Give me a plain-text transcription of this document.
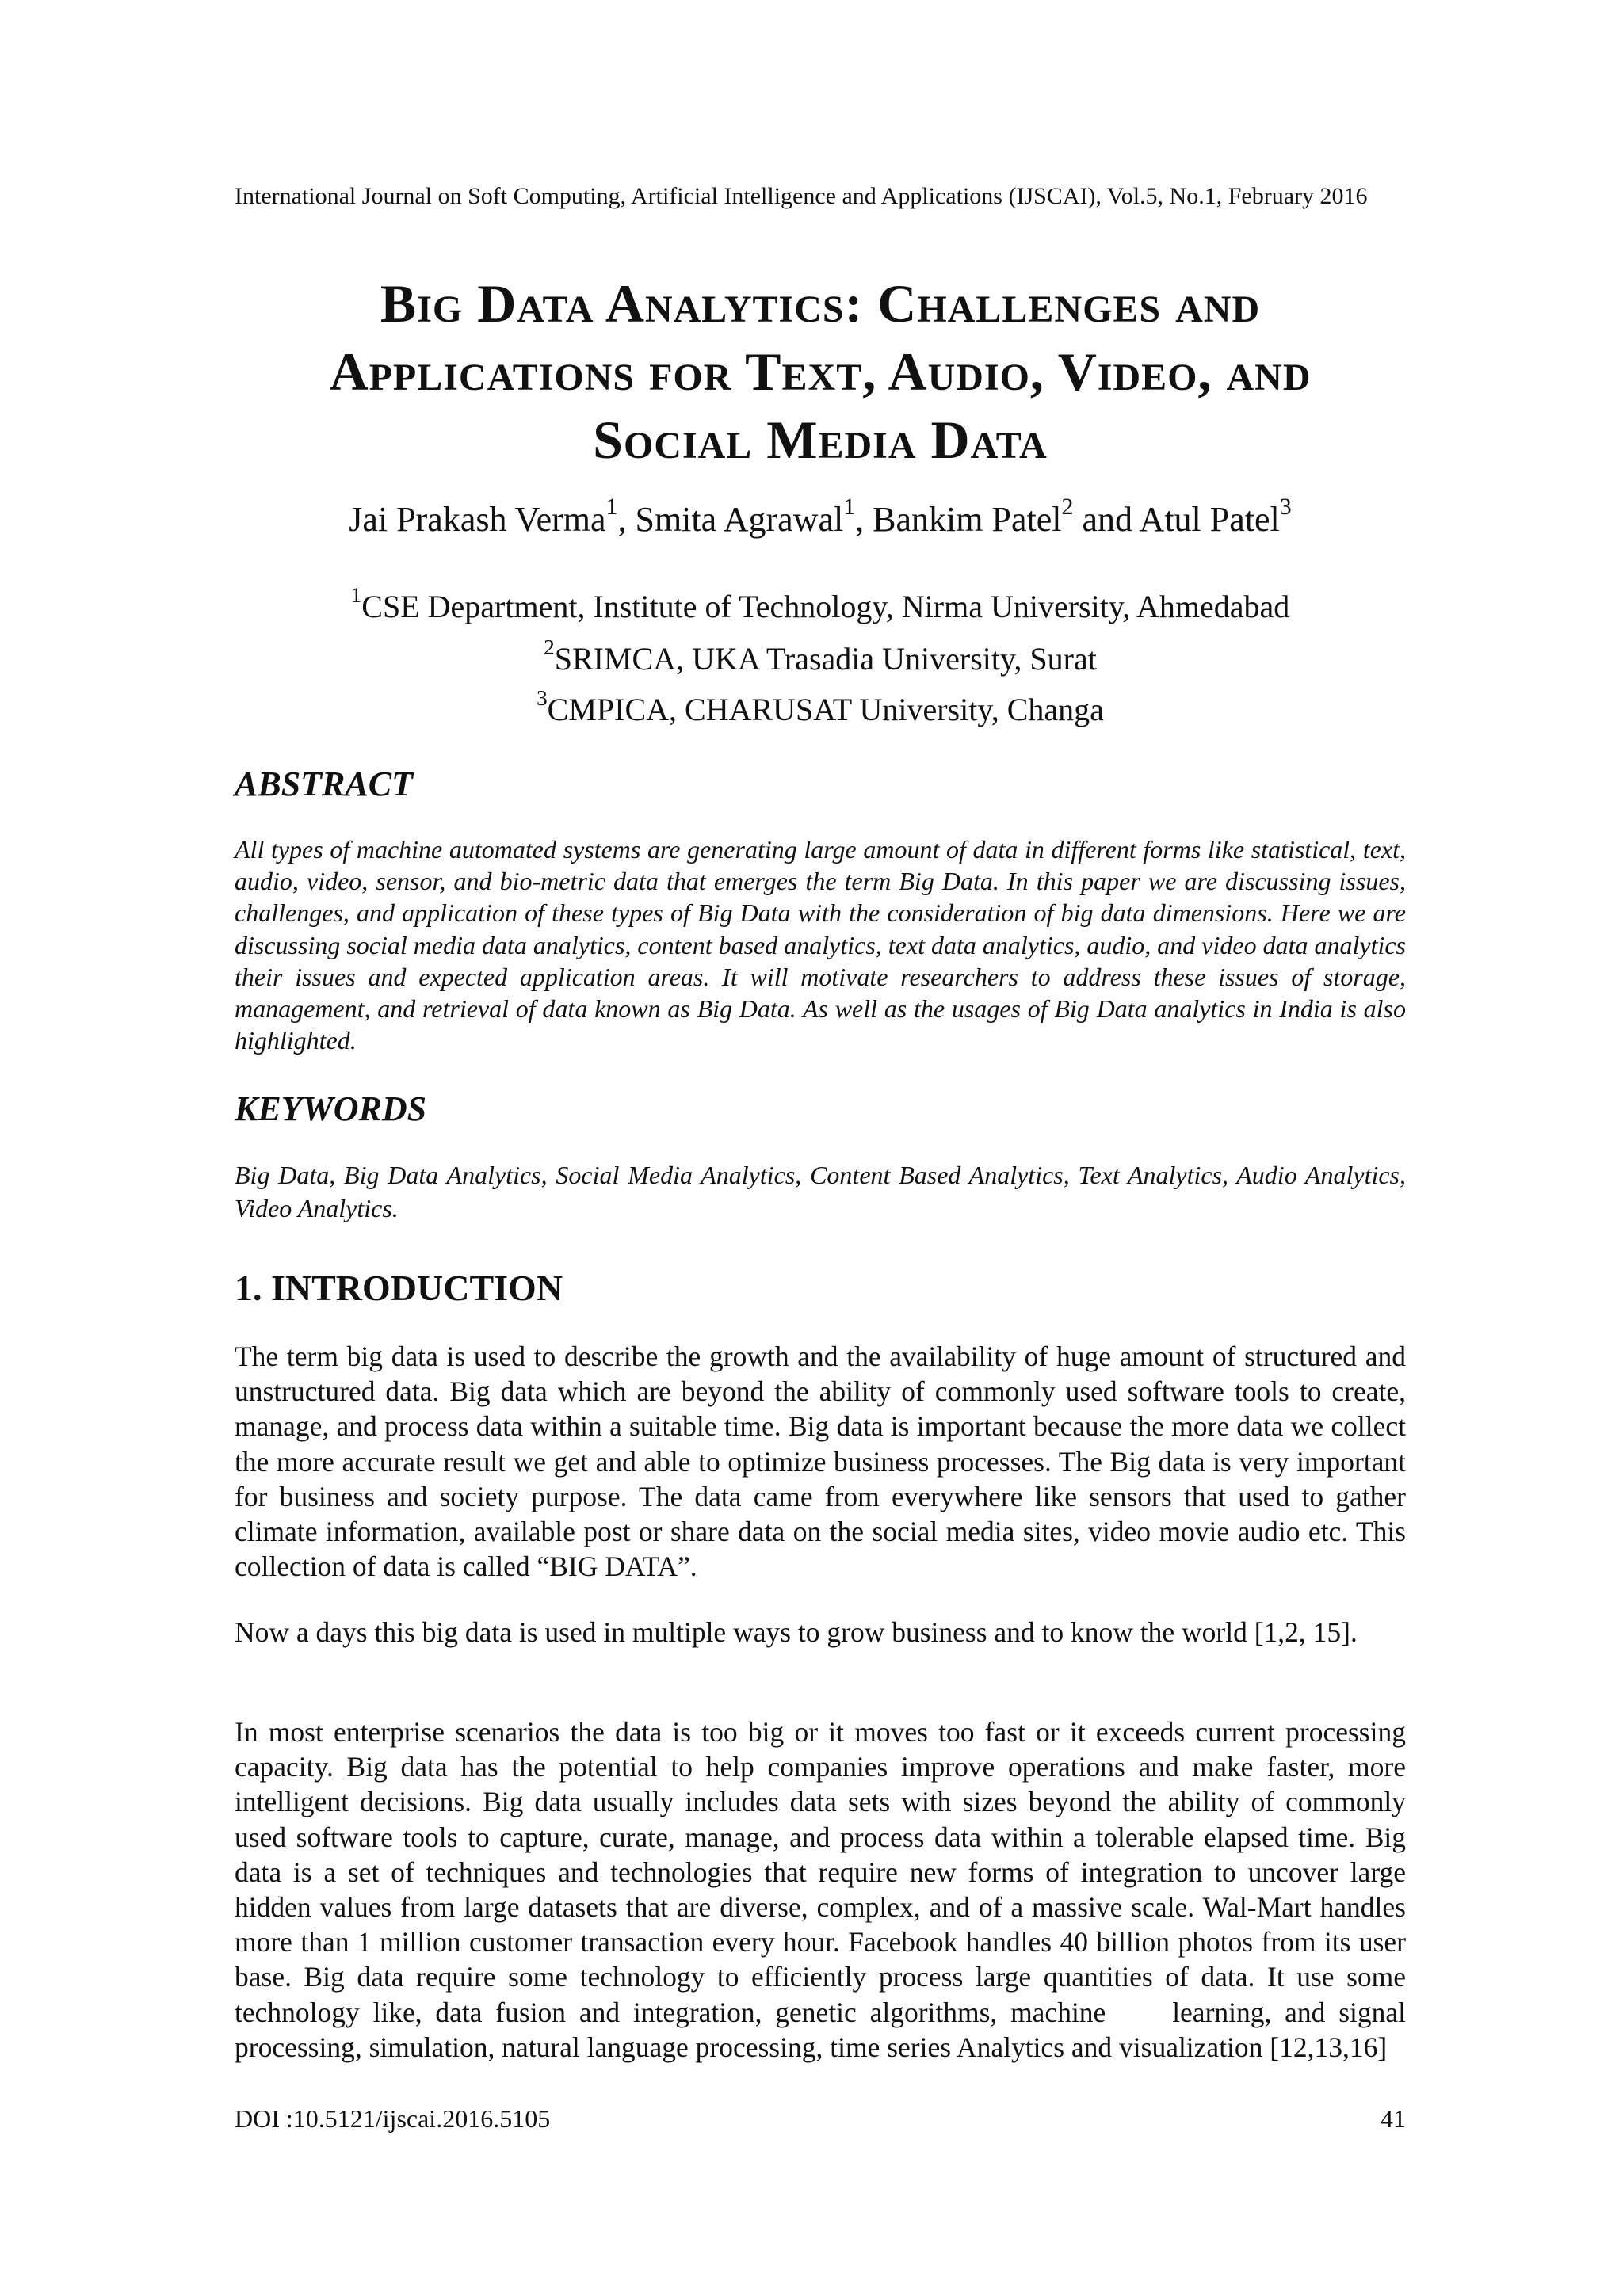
International Journal on Soft Computing, Artificial Intelligence and Applications (IJSCAI), Vol.5, No.1, February 2016
Big Data Analytics: Challenges and
Applications for Text, Audio, Video, and
Social Media Data
Jai Prakash Verma$^1$, Smita Agrawal$^1$, Bankim Patel$^2$ and Atul Patel$^3$
$^1$CSE Department, Institute of Technology, Nirma University, Ahmedabad
$^2$SRIMCA, UKA Trasadia University, Surat
$^3$CMPICA, CHARUSAT University, Changa
ABSTRACT
All types of machine automated systems are generating large amount of data in different forms like statistical, text, audio, video, sensor, and bio-metric data that emerges the term Big Data. In this paper we are discussing issues, challenges, and application of these types of Big Data with the consideration of big data dimensions. Here we are discussing social media data analytics, content based analytics, text data analytics, audio, and video data analytics their issues and expected application areas. It will motivate researchers to address these issues of storage, management, and retrieval of data known as Big Data. As well as the usages of Big Data analytics in India is also highlighted.
KEYWORDS
Big Data, Big Data Analytics, Social Media Analytics, Content Based Analytics, Text Analytics, Audio Analytics, Video Analytics.
1. INTRODUCTION
The term big data is used to describe the growth and the availability of huge amount of structured and unstructured data. Big data which are beyond the ability of commonly used software tools to create, manage, and process data within a suitable time. Big data is important because the more data we collect the more accurate result we get and able to optimize business processes. The Big data is very important for business and society purpose. The data came from everywhere like sensors that used to gather climate information, available post or share data on the social media sites, video movie audio etc. This collection of data is called “BIG DATA”.
Now a days this big data is used in multiple ways to grow business and to know the world [1,2, 15].
In most enterprise scenarios the data is too big or it moves too fast or it exceeds current processing capacity. Big data has the potential to help companies improve operations and make faster, more intelligent decisions. Big data usually includes data sets with sizes beyond the ability of commonly used software tools to capture, curate, manage, and process data within a tolerable elapsed time. Big data is a set of techniques and technologies that require new forms of integration to uncover large hidden values from large datasets that are diverse, complex, and of a massive scale. Wal-Mart handles more than 1 million customer transaction every hour. Facebook handles 40 billion photos from its user base. Big data require some technology to efficiently process large quantities of data. It use some technology like, data fusion and integration, genetic algorithms, machine     learning, and signal processing, simulation, natural language processing, time series Analytics and visualization [12,13,16]
DOI :10.5121/ijscai.2016.5105	41
